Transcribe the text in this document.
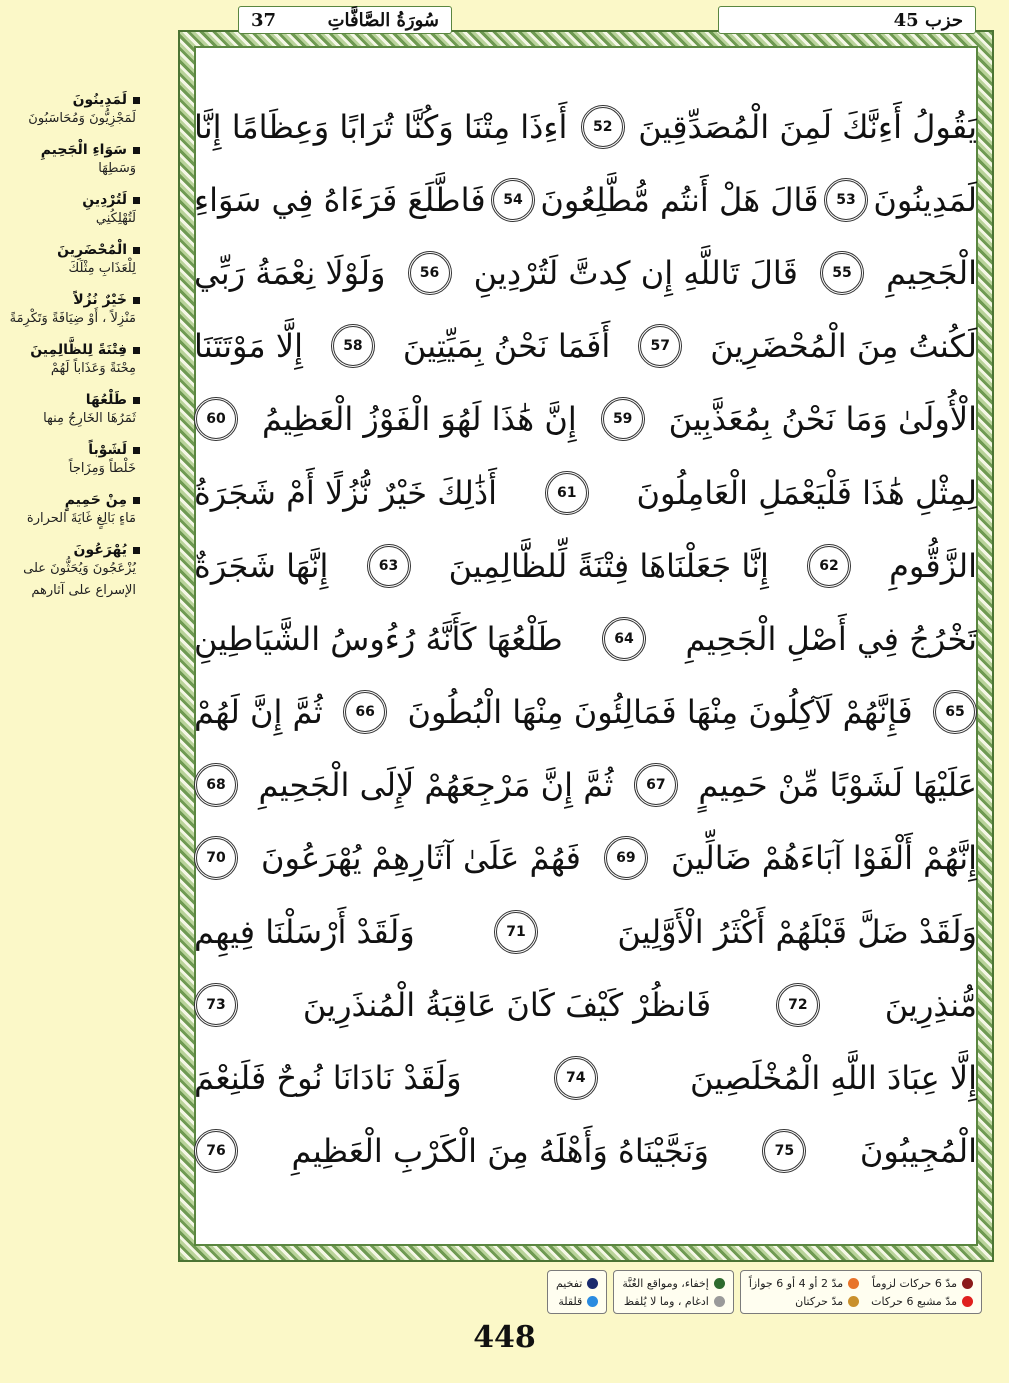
سُورَةُ الصَّافَّاتِ
37	حزب 45
يَقُولُ أَءِنَّكَ لَمِنَ الْمُصَدِّقِينَ
52
أَءِذَا مِتْنَا وَكُنَّا تُرَابًا وَعِظَامًا إِنَّا
لَمَدِينُونَ
53
قَالَ هَلْ أَنتُم مُّطَّلِعُونَ
54
فَاطَّلَعَ فَرَءَاهُ فِي سَوَاءِ
الْجَحِيمِ
55
قَالَ تَاللَّهِ إِن كِدتَّ لَتُرْدِينِ
56
وَلَوْلَا نِعْمَةُ رَبِّي
لَكُنتُ مِنَ الْمُحْضَرِينَ
57
أَفَمَا نَحْنُ بِمَيِّتِينَ
58
إِلَّا مَوْتَتَنَا
الْأُولَىٰ وَمَا نَحْنُ بِمُعَذَّبِينَ
59
إِنَّ هَٰذَا لَهُوَ الْفَوْزُ الْعَظِيمُ
60
لِمِثْلِ هَٰذَا فَلْيَعْمَلِ الْعَامِلُونَ
61
أَذَٰلِكَ خَيْرٌ نُّزُلًا أَمْ شَجَرَةُ
الزَّقُّومِ
62
إِنَّا جَعَلْنَاهَا فِتْنَةً لِّلظَّالِمِينَ
63
إِنَّهَا شَجَرَةٌ
تَخْرُجُ فِي أَصْلِ الْجَحِيمِ
64
طَلْعُهَا كَأَنَّهُ رُءُوسُ الشَّيَاطِينِ
65
فَإِنَّهُمْ لَآكِلُونَ مِنْهَا فَمَالِئُونَ مِنْهَا الْبُطُونَ
66
ثُمَّ إِنَّ لَهُمْ
عَلَيْهَا لَشَوْبًا مِّنْ حَمِيمٍ
67
ثُمَّ إِنَّ مَرْجِعَهُمْ لَإِلَى الْجَحِيمِ
68
إِنَّهُمْ أَلْفَوْا آبَاءَهُمْ ضَالِّينَ
69
فَهُمْ عَلَىٰ آثَارِهِمْ يُهْرَعُونَ
70
وَلَقَدْ ضَلَّ قَبْلَهُمْ أَكْثَرُ الْأَوَّلِينَ
71
وَلَقَدْ أَرْسَلْنَا فِيهِم
مُّنذِرِينَ
72
فَانظُرْ كَيْفَ كَانَ عَاقِبَةُ الْمُنذَرِينَ
73
إِلَّا عِبَادَ اللَّهِ الْمُخْلَصِينَ
74
وَلَقَدْ نَادَانَا نُوحٌ فَلَنِعْمَ
الْمُجِيبُونَ
75
وَنَجَّيْنَاهُ وَأَهْلَهُ مِنَ الْكَرْبِ الْعَظِيمِ
76
لَمَدِينُونَ
لَمَجْزِيُّونَ وَمُحَاسَبُونَ
سَوَاءِ الْجَحِيمِ
وَسَطِهَا
لَتُرْدِينِ
لَتُهْلِكُنِي
الْمُحْضَرِينَ
لِلْعَذَابِ مِثْلَكَ
خَيْرٌ نُزُلاً
مَنْزِلاً ، أَوْ ضِيَافَةً وَتَكْرِمَةً
فِتْنَةً لِلظَّالِمِينَ
مِحْنَةً وَعَذَاباً لَهُمْ
طَلْعُهَا
ثَمَرُهَا الخَارِجُ مِنها
لَشَوْباً
خَلْطاً وَمِزَاجاً
مِنْ حَمِيمٍ
مَاءٍ بَالِغٍ غَايَةَ الحرارة
يُهْرَعُونَ
يُزْعَجُونَ وَيُحَثُّونَ على الإسراع على آثارهم
مدّ 6 حركات لزوماً
مدّ مشبع 6 حركات
مدّ 2 أو 4 أو 6 جوازاً
مدّ حركتان
إخفاء، ومواقع الغُنَّة
ادغام ، وما لا يُلفظ
تفخيم
قلقلة
448
